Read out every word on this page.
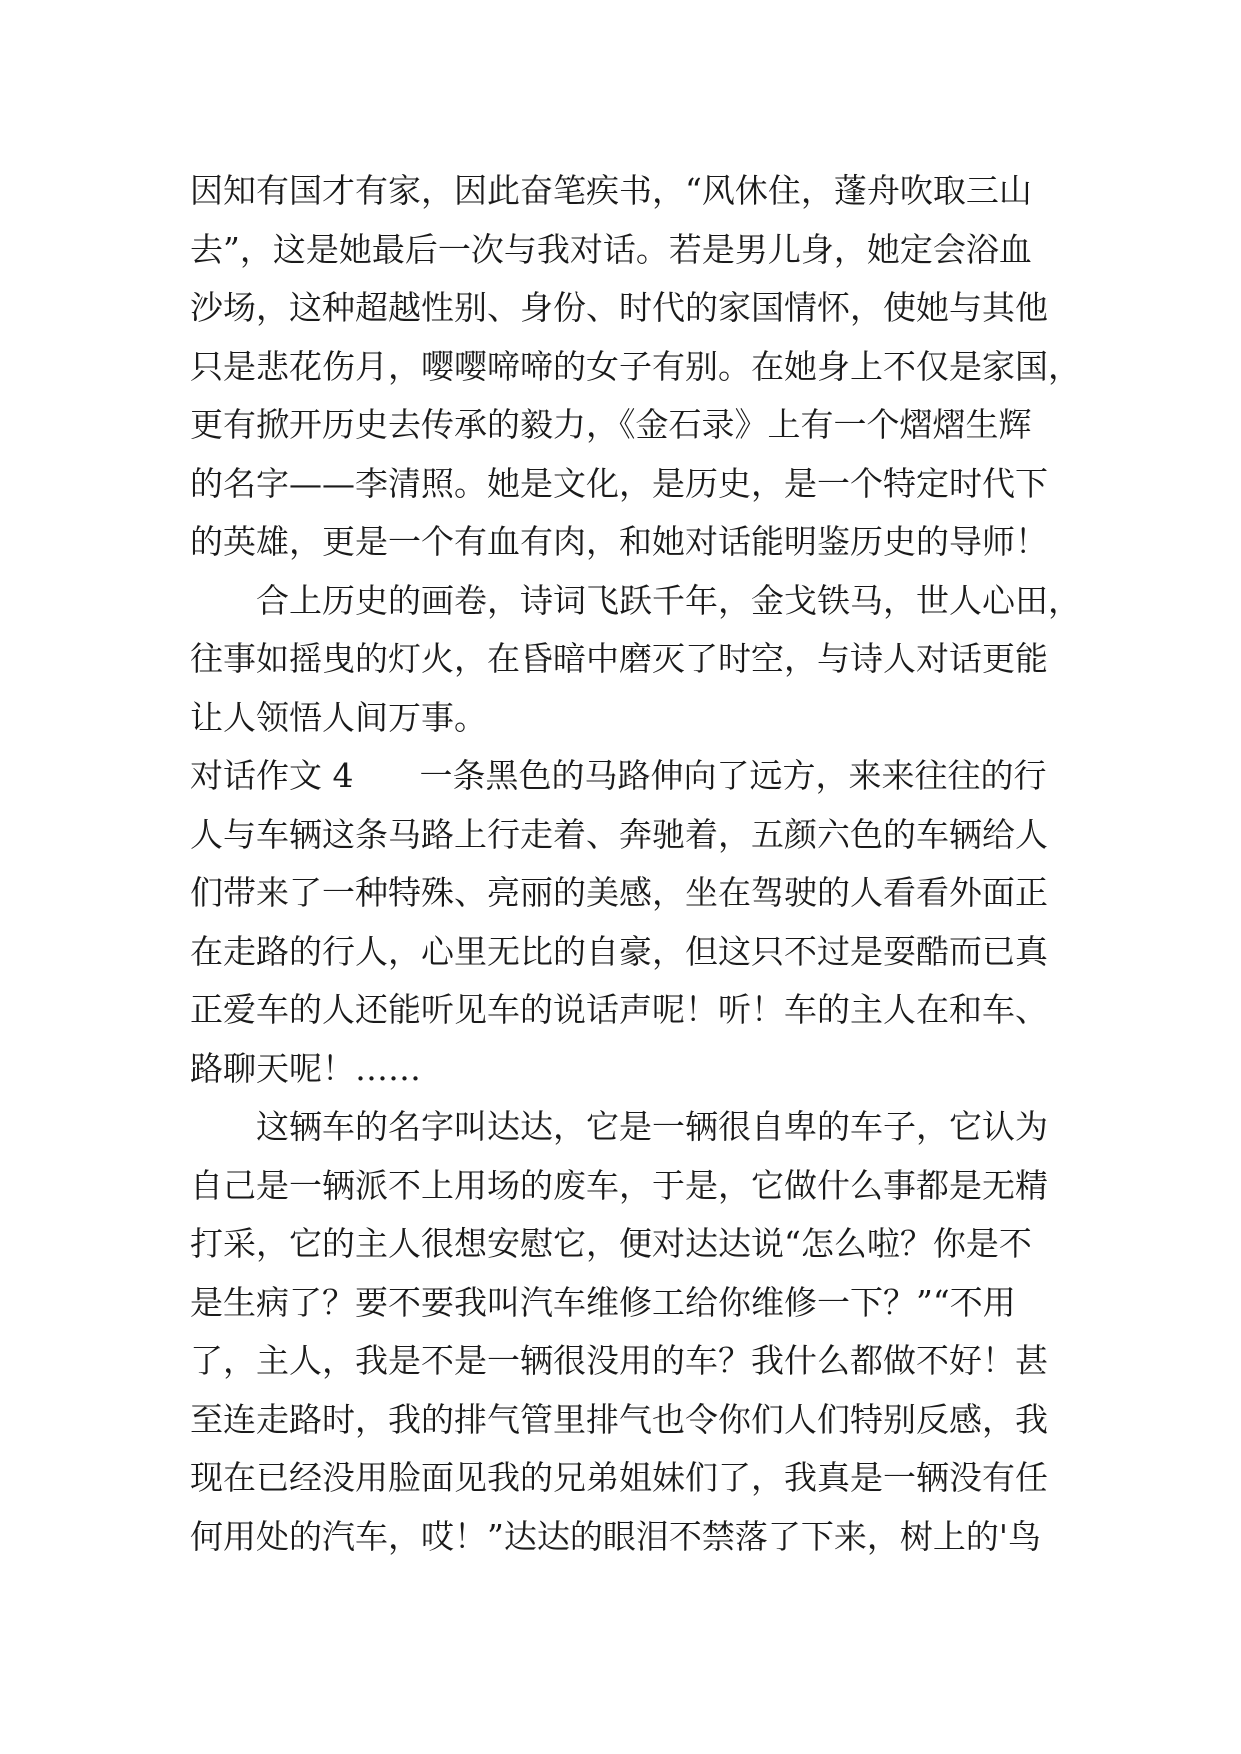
因知有国才有家，因此奋笔疾书，“风休住，蓬舟吹取三山
去”，这是她最后一次与我对话。若是男儿身，她定会浴血
沙场，这种超越性别、身份、时代的家国情怀，使她与其他
只是悲花伤月，嘤嘤啼啼的女子有别。在她身上不仅是家国，
更有掀开历史去传承的毅力，《金石录》上有一个熠熠生辉
的名字——李清照。她是文化，是历史，是一个特定时代下
的英雄，更是一个有血有肉，和她对话能明鉴历史的导师！
合上历史的画卷，诗词飞跃千年，金戈铁马，世人心田，
往事如摇曳的灯火，在昏暗中磨灭了时空，与诗人对话更能
让人领悟人间万事。
对话作文 4　　一条黑色的马路伸向了远方，来来往往的行
人与车辆这条马路上行走着、奔驰着，五颜六色的车辆给人
们带来了一种特殊、亮丽的美感，坐在驾驶的人看看外面正
在走路的行人，心里无比的自豪，但这只不过是耍酷而已真
正爱车的人还能听见车的说话声呢！听！车的主人在和车、
路聊天呢！……
这辆车的名字叫达达，它是一辆很自卑的车子，它认为
自己是一辆派不上用场的废车，于是，它做什么事都是无精
打采，它的主人很想安慰它，便对达达说“怎么啦？你是不
是生病了？要不要我叫汽车维修工给你维修一下？”“不用
了，主人，我是不是一辆很没用的车？我什么都做不好！甚
至连走路时，我的排气管里排气也令你们人们特别反感，我
现在已经没用脸面见我的兄弟姐妹们了，我真是一辆没有任
何用处的汽车，哎！”达达的眼泪不禁落了下来，树上的'鸟
